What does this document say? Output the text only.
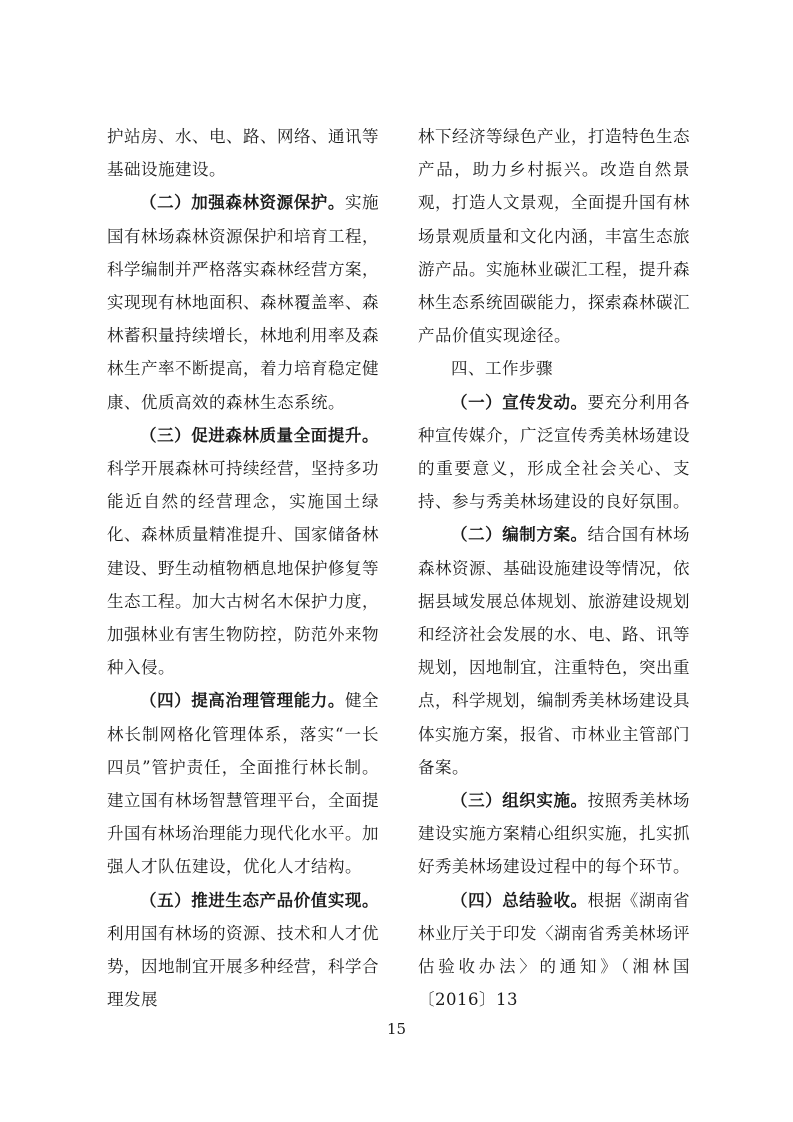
护站房、水、电、路、网络、通讯等基础设施建设。

（二）加强森林资源保护。实施国有林场森林资源保护和培育工程，科学编制并严格落实森林经营方案，实现现有林地面积、森林覆盖率、森林蓄积量持续增长，林地利用率及森林生产率不断提高，着力培育稳定健康、优质高效的森林生态系统。

（三）促进森林质量全面提升。科学开展森林可持续经营，坚持多功能近自然的经营理念，实施国土绿化、森林质量精准提升、国家储备林建设、野生动植物栖息地保护修复等生态工程。加大古树名木保护力度，加强林业有害生物防控，防范外来物种入侵。

（四）提高治理管理能力。健全林长制网格化管理体系，落实“一长四员”管护责任，全面推行林长制。建立国有林场智慧管理平台，全面提升国有林场治理能力现代化水平。加强人才队伍建设，优化人才结构。

（五）推进生态产品价值实现。利用国有林场的资源、技术和人才优势，因地制宜开展多种经营，科学合理发展

林下经济等绿色产业，打造特色生态产品，助力乡村振兴。改造自然景观，打造人文景观，全面提升国有林场景观质量和文化内涵，丰富生态旅游产品。实施林业碳汇工程，提升森林生态系统固碳能力，探索森林碳汇产品价值实现途径。

四、工作步骤

（一）宣传发动。要充分利用各种宣传媒介，广泛宣传秀美林场建设的重要意义，形成全社会关心、支持、参与秀美林场建设的良好氛围。

（二）编制方案。结合国有林场森林资源、基础设施建设等情况，依据县域发展总体规划、旅游建设规划和经济社会发展的水、电、路、讯等规划，因地制宜，注重特色，突出重点，科学规划，编制秀美林场建设具体实施方案，报省、市林业主管部门备案。

（三）组织实施。按照秀美林场建设实施方案精心组织实施，扎实抓好秀美林场建设过程中的每个环节。

（四）总结验收。根据《湖南省林业厅关于印发〈湖南省秀美林场评估验收办法〉的通知》（湘林国〔2016〕13

15
